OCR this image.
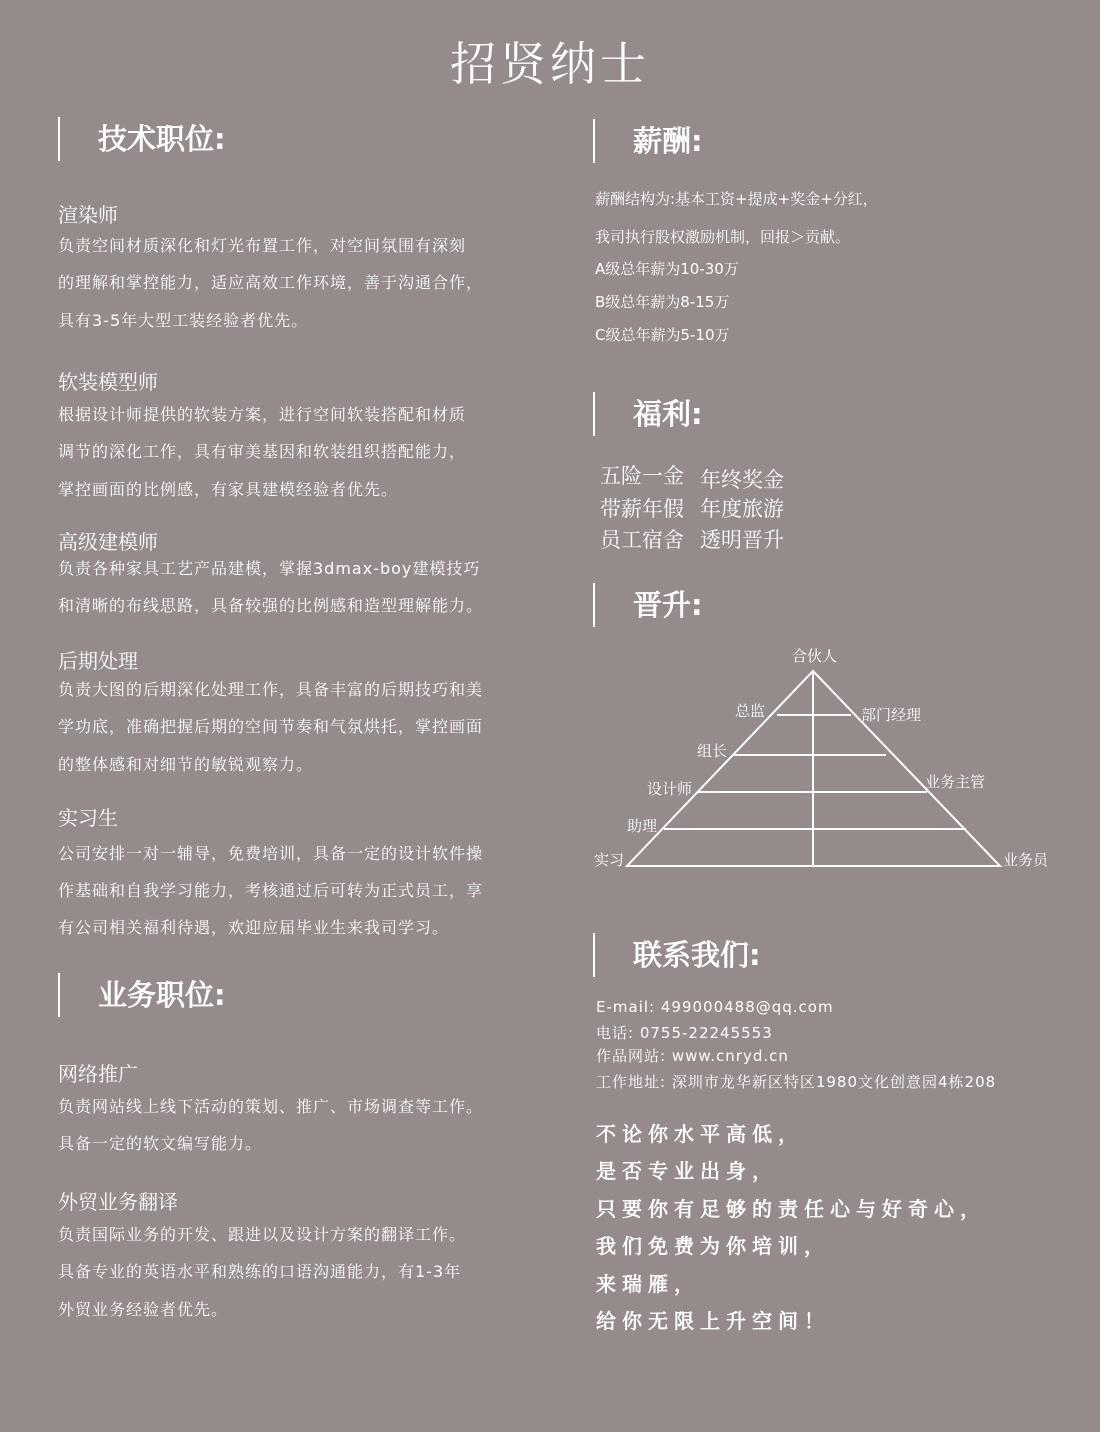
招贤纳士
技术职位:
渲染师
负责空间材质深化和灯光布置工作，对空间氛围有深刻
的理解和掌控能力，适应高效工作环境，善于沟通合作，
具有3-5年大型工装经验者优先。
软装模型师
根据设计师提供的软装方案，进行空间软装搭配和材质
调节的深化工作，具有审美基因和软装组织搭配能力，
掌控画面的比例感，有家具建模经验者优先。
高级建模师
负责各种家具工艺产品建模，掌握3dmax-boy建模技巧
和清晰的布线思路，具备较强的比例感和造型理解能力。
后期处理
负责大图的后期深化处理工作，具备丰富的后期技巧和美
学功底，准确把握后期的空间节奏和气氛烘托，掌控画面
的整体感和对细节的敏锐观察力。
实习生
公司安排一对一辅导，免费培训，具备一定的设计软件操
作基础和自我学习能力，考核通过后可转为正式员工，享
有公司相关福利待遇，欢迎应届毕业生来我司学习。
业务职位:
网络推广
负责网站线上线下活动的策划、推广、市场调查等工作。
具备一定的软文编写能力。
外贸业务翻译
负责国际业务的开发、跟进以及设计方案的翻译工作。
具备专业的英语水平和熟练的口语沟通能力，有1-3年
外贸业务经验者优先。
薪酬:
薪酬结构为:基本工资+提成+奖金+分红，
我司执行股权激励机制，回报＞贡献。
A级总年薪为10-30万
B级总年薪为8-15万
C级总年薪为5-10万
福利:
五险一金 年终奖金
带薪年假 年度旅游
员工宿舍 透明晋升
晋升:
合伙人
总监	部门经理
组长
设计师	业务主管
助理
实习	业务员
联系我们:
E-mail: 499000488@qq.com
电话: 0755-22245553
作品网站: www.cnryd.cn
工作地址: 深圳市龙华新区特区1980文化创意园4栋208
不论你水平高低，
是否专业出身，
只要你有足够的责任心与好奇心，
我们免费为你培训，
来瑞雁，
给你无限上升空间！
